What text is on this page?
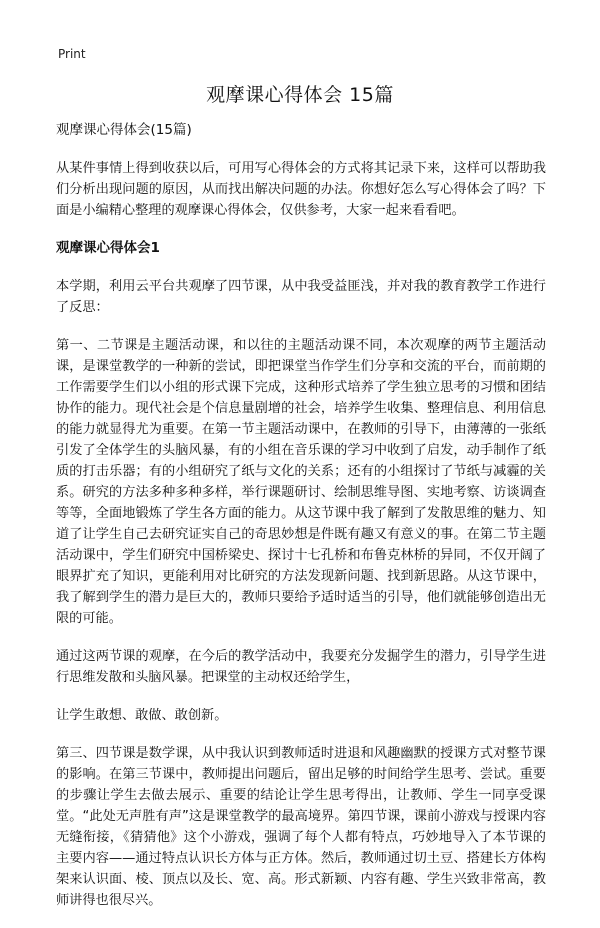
Print
观摩课心得体会 15篇

观摩课心得体会(15篇)

从某件事情上得到收获以后，可用写心得体会的方式将其记录下来，这样可以帮助我们分析出现问题的原因，从而找出解决问题的办法。你想好怎么写心得体会了吗？下面是小编精心整理的观摩课心得体会，仅供参考，大家一起来看看吧。

观摩课心得体会1

本学期，利用云平台共观摩了四节课，从中我受益匪浅，并对我的教育教学工作进行了反思：

第一、二节课是主题活动课，和以往的主题活动课不同，本次观摩的两节主题活动课，是课堂教学的一种新的尝试，即把课堂当作学生们分享和交流的平台，而前期的工作需要学生们以小组的形式课下完成，这种形式培养了学生独立思考的习惯和团结协作的能力。现代社会是个信息量剧增的社会，培养学生收集、整理信息、利用信息的能力就显得尤为重要。在第一节主题活动课中，在教师的引导下，由薄薄的一张纸引发了全体学生的头脑风暴，有的小组在音乐课的学习中收到了启发，动手制作了纸质的打击乐器；有的小组研究了纸与文化的关系；还有的小组探讨了节纸与减霾的关系。研究的方法多种多种多样，举行课题研讨、绘制思维导图、实地考察、访谈调查等等，全面地锻炼了学生各方面的能力。从这节课中我了解到了发散思维的魅力、知道了让学生自己去研究证实自己的奇思妙想是件既有趣又有意义的事。在第二节主题活动课中，学生们研究中国桥梁史、探讨十七孔桥和布鲁克林桥的异同，不仅开阔了眼界扩充了知识，更能利用对比研究的方法发现新问题、找到新思路。从这节课中，我了解到学生的潜力是巨大的，教师只要给予适时适当的引导，他们就能够创造出无限的可能。

通过这两节课的观摩，在今后的教学活动中，我要充分发掘学生的潜力，引导学生进行思维发散和头脑风暴。把课堂的主动权还给学生，

让学生敢想、敢做、敢创新。

第三、四节课是数学课，从中我认识到教师适时进退和风趣幽默的授课方式对整节课的影响。在第三节课中，教师提出问题后，留出足够的时间给学生思考、尝试。重要的步骤让学生去做去展示、重要的结论让学生思考得出，让教师、学生一同享受课堂。“此处无声胜有声”这是课堂教学的最高境界。第四节课，课前小游戏与授课内容无缝衔接，《猜猜他》这个小游戏，强调了每个人都有特点，巧妙地导入了本节课的主要内容——通过特点认识长方体与正方体。然后，教师通过切土豆、搭建长方体构架来认识面、棱、顶点以及长、宽、高。形式新颖、内容有趣、学生兴致非常高，教师讲得也很尽兴。
